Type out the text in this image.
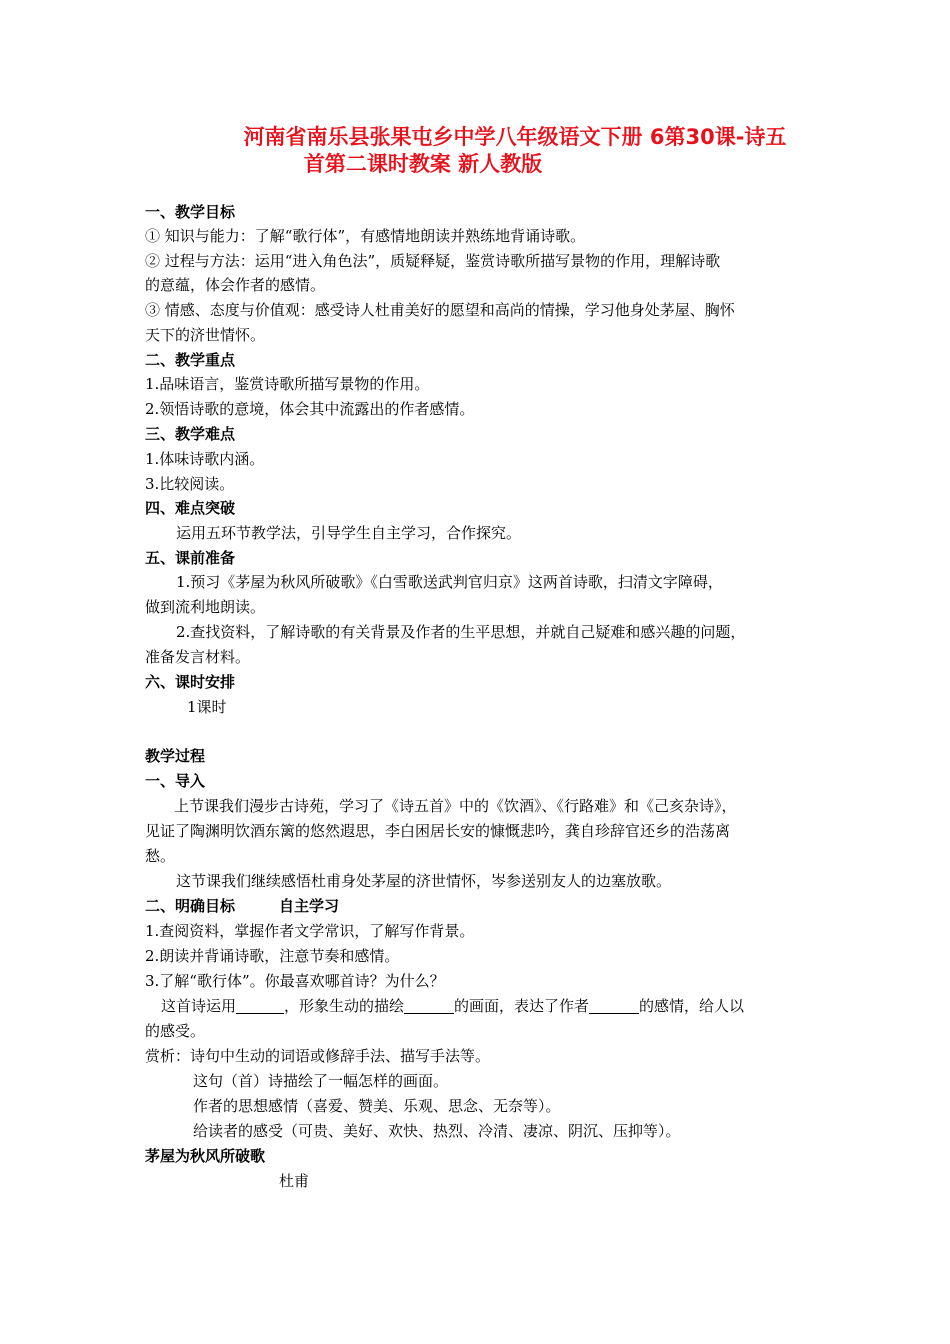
河南省南乐县张果屯乡中学八年级语文下册 6第30课-诗五
首第二课时教案 新人教版
一、教学目标
① 知识与能力：了解“歌行体”，有感情地朗读并熟练地背诵诗歌。
② 过程与方法：运用“进入角色法”，质疑释疑，鉴赏诗歌所描写景物的作用，理解诗歌
的意蕴，体会作者的感情。
③ 情感、态度与价值观：感受诗人杜甫美好的愿望和高尚的情操，学习他身处茅屋、胸怀
天下的济世情怀。
二、教学重点
1.品味语言，鉴赏诗歌所描写景物的作用。
2.领悟诗歌的意境，体会其中流露出的作者感情。
三、教学难点
1.体味诗歌内涵。
3.比较阅读。
四、难点突破
运用五环节教学法，引导学生自主学习，合作探究。
五、课前准备
1.预习《茅屋为秋风所破歌》《白雪歌送武判官归京》这两首诗歌，扫清文字障碍，
做到流利地朗读。
2.查找资料，了解诗歌的有关背景及作者的生平思想，并就自己疑难和感兴趣的问题，
准备发言材料。
六、课时安排
1课时
教学过程
一、导入
上节课我们漫步古诗苑，学习了《诗五首》中的《饮酒》、《行路难》和《己亥杂诗》，
见证了陶渊明饮酒东篱的悠然遐思，李白困居长安的慷慨悲吟，龚自珍辞官还乡的浩荡离
愁。
这节课我们继续感悟杜甫身处茅屋的济世情怀，岑参送别友人的边塞放歌。
二、明确目标	自主学习
1.查阅资料，掌握作者文学常识，了解写作背景。
2.朗读并背诵诗歌，注意节奏和感情。
3.了解“歌行体”。你最喜欢哪首诗？为什么？
这首诗运用	，形象生动的描绘	的画面，表达了作者	的感情，给人以
的感受。
赏析：诗句中生动的词语或修辞手法、描写手法等。
这句（首）诗描绘了一幅怎样的画面。
作者的思想感情（喜爱、赞美、乐观、思念、无奈等）。
给读者的感受（可贵、美好、欢快、热烈、冷清、凄凉、阴沉、压抑等）。
茅屋为秋风所破歌
杜甫
